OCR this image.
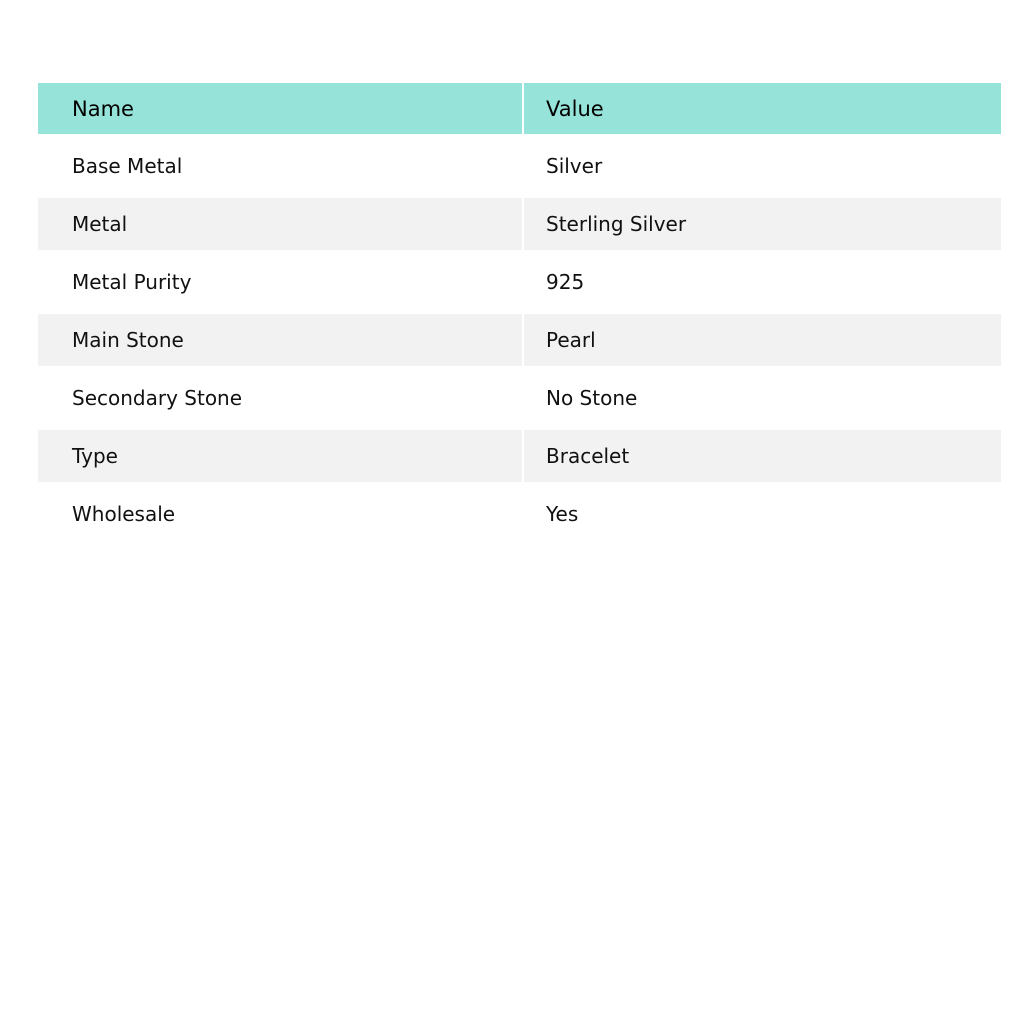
Name	Value
Base Metal	Silver
Metal	Sterling Silver
Metal Purity	925
Main Stone	Pearl
Secondary Stone	No Stone
Type	Bracelet
Wholesale	Yes
